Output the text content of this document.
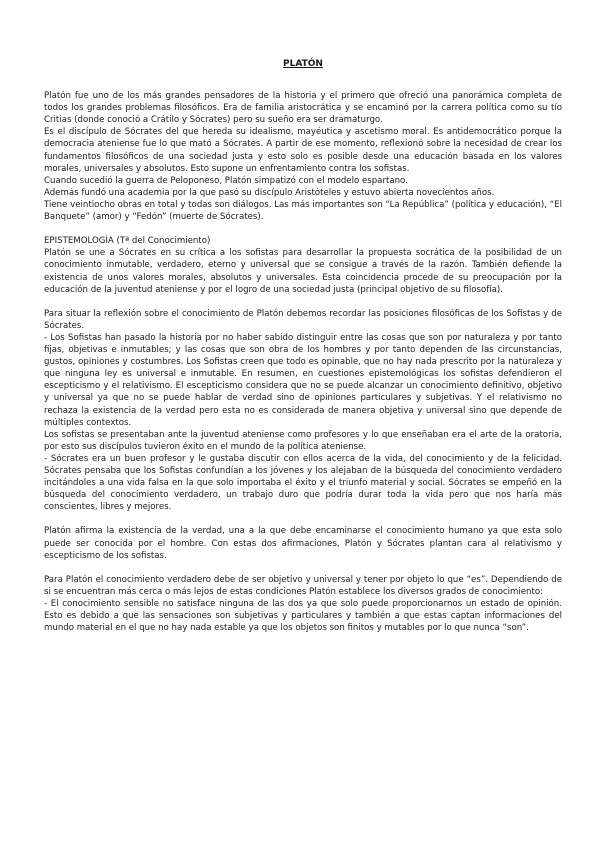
PLATÓN

Platón fue uno de los más grandes pensadores de la historia y el primero que ofreció una panorámica completa de todos los grandes problemas filosóficos. Era de familia aristocrática y se encaminó por la carrera política como su tío Critias (donde conoció a Crátilo y Sócrates) pero su sueño era ser dramaturgo.

Es el discípulo de Sócrates del que hereda su idealismo, mayéutica y ascetismo moral. Es antidemocrático porque la democracia ateniense fue lo que mató a Sócrates. A partir de ese momento, reflexionó sobre la necesidad de crear los fundamentos filosóficos de una sociedad justa y esto solo es posible desde una educación basada en los valores morales, universales y absolutos. Esto supone un enfrentamiento contra los sofistas.

Cuando sucedió la guerra de Peloponeso, Platón simpatizó con el modelo espartano.

Además fundó una academia por la que pasó su discípulo Aristóteles y estuvo abierta novecientos años.

Tiene veintiocho obras en total y todas son diálogos. Las más importantes son “La República” (política y educación), “El Banquete” (amor) y “Fedón” (muerte de Sócrates).

EPISTEMOLOGÍA (Tª del Conocimiento)

Platón se une a Sócrates en su crítica a los sofistas para desarrollar la propuesta socrática de la posibilidad de un conocimiento inmutable, verdadero, eterno y universal que se consigue a través de la razón. También defiende la existencia de unos valores morales, absolutos y universales. Esta coincidencia procede de su preocupación por la educación de la juventud ateniense y por el logro de una sociedad justa (principal objetivo de su filosofía).

Para situar la reflexión sobre el conocimiento de Platón debemos recordar las posiciones filosóficas de los Sofistas y de Sócrates.

- Los Sofistas han pasado la historia por no haber sabido distinguir entre las cosas que son por naturaleza y por tanto fijas, objetivas e inmutables; y las cosas que son obra de los hombres y por tanto dependen de las circunstancias, gustos, opiniones y costumbres. Los Sofistas creen que todo es opinable, que no hay nada prescrito por la naturaleza y que ninguna ley es universal e inmutable. En resumen, en cuestiones epistemológicas los sofistas defendieron el escepticismo y el relativismo. El escepticismo considera que no se puede alcanzar un conocimiento definitivo, objetivo y universal ya que no se puede hablar de verdad sino de opiniones particulares y subjetivas. Y el relativismo no rechaza la existencia de la verdad pero esta no es considerada de manera objetiva y universal sino que depende de múltiples contextos.

Los sofistas se presentaban ante la juventud ateniense como profesores y lo que enseñaban era el arte de la oratoria, por esto sus discípulos tuvieron éxito en el mundo de la política ateniense.

- Sócrates era un buen profesor y le gustaba discutir con ellos acerca de la vida, del conocimiento y de la felicidad. Sócrates pensaba que los Sofistas confundían a los jóvenes y los alejaban de la búsqueda del conocimiento verdadero incitándoles a una vida falsa en la que solo importaba el éxito y el triunfo material y social. Sócrates se empeñó en la búsqueda del conocimiento verdadero, un trabajo duro que podría durar toda la vida pero que nos haría más conscientes, libres y mejores.

Platón afirma la existencia de la verdad, una a la que debe encaminarse el conocimiento humano ya que esta solo puede ser conocida por el hombre. Con estas dos afirmaciones, Platón y Sócrates plantan cara al relativismo y escepticismo de los sofistas.

Para Platón el conocimiento verdadero debe de ser objetivo y universal y tener por objeto lo que “es”. Dependiendo de si se encuentran más cerca o más lejos de estas condiciones Platón establece los diversos grados de conocimiento:

- El conocimiento sensible no satisface ninguna de las dos ya que solo puede proporcionarnos un estado de opinión. Esto es debido a que las sensaciones son subjetivas y particulares y también a que estas captan informaciones del mundo material en el que no hay nada estable ya que los objetos son finitos y mutables por lo que nunca “son”.
